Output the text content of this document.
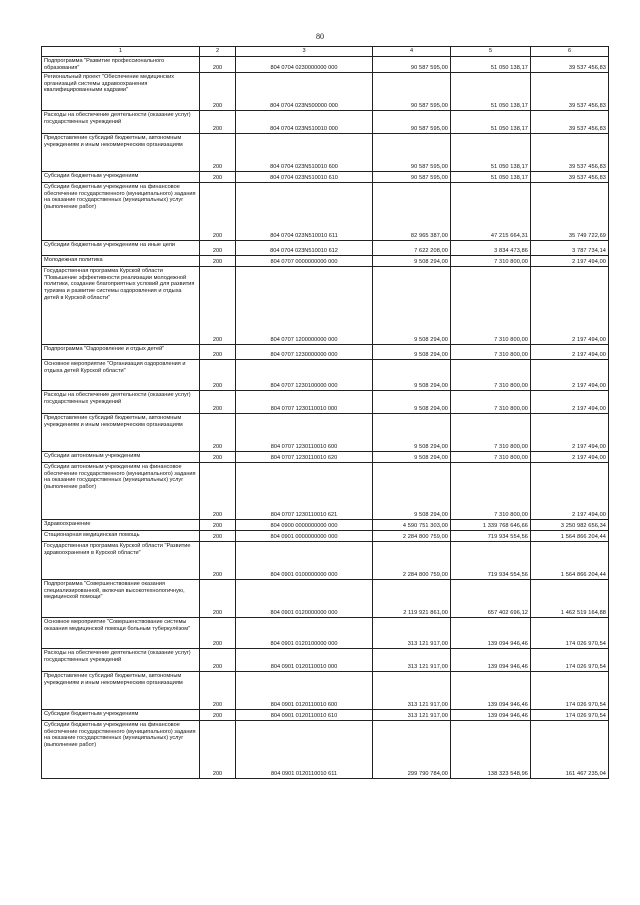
80
1	2	3	4	5	6
Подпрограмма "Развитие профессионального образования"	200	804 0704 0230000000 000	90 587 595,00	51 050 138,17	39 537 456,83
Региональный проект "Обеспечение медицинских организаций системы здравоохранения квалифицированными кадрами"	200	804 0704 023N500000 000	90 587 595,00	51 050 138,17	39 537 456,83
Расходы на обеспечение деятельности (оказание услуг) государственных учреждений	200	804 0704 023N510010 000	90 587 595,00	51 050 138,17	39 537 456,83
Предоставление субсидий бюджетным, автономным учреждениям и иным некоммерческим организациям	200	804 0704 023N510010 600	90 587 595,00	51 050 138,17	39 537 456,83
Субсидии бюджетным учреждениям	200	804 0704 023N510010 610	90 587 595,00	51 050 138,17	39 537 456,83
Субсидии бюджетным учреждениям на финансовое обеспечение государственного (муниципального) задания на оказание государственных (муниципальных) услуг (выполнение работ)	200	804 0704 023N510010 611	82 965 387,00	47 215 664,31	35 749 722,69
Субсидии бюджетным учреждениям на иные цели	200	804 0704 023N510010 612	7 622 208,00	3 834 473,86	3 787 734,14
Молодежная политика	200	804 0707 0000000000 000	9 508 294,00	7 310 800,00	2 197 494,00
Государственная программа Курской области "Повышение эффективности реализации молодежной политики, создание благоприятных условий для развития туризма и развитие системы оздоровления и отдыха детей в Курской области"	200	804 0707 1200000000 000	9 508 294,00	7 310 800,00	2 197 494,00
Подпрограмма "Оздоровление и отдых детей"	200	804 0707 1230000000 000	9 508 294,00	7 310 800,00	2 197 494,00
Основное мероприятие "Организация оздоровления и отдыха детей Курской области"	200	804 0707 1230100000 000	9 508 294,00	7 310 800,00	2 197 494,00
Расходы на обеспечение деятельности (оказание услуг) государственных учреждений	200	804 0707 1230110010 000	9 508 294,00	7 310 800,00	2 197 494,00
Предоставление субсидий бюджетным, автономным учреждениям и иным некоммерческим организациям	200	804 0707 1230110010 600	9 508 294,00	7 310 800,00	2 197 494,00
Субсидии автономным учреждениям	200	804 0707 1230110010 620	9 508 294,00	7 310 800,00	2 197 494,00
Субсидии автономным учреждениям на финансовое обеспечение государственного (муниципального) задания на оказание государственных (муниципальных) услуг (выполнение работ)	200	804 0707 1230110010 621	9 508 294,00	7 310 800,00	2 197 494,00
Здравоохранение	200	804 0900 0000000000 000	4 590 751 303,00	1 339 768 646,66	3 250 982 656,34
Стационарная медицинская помощь	200	804 0901 0000000000 000	2 284 800 759,00	719 934 554,56	1 564 866 204,44
Государственная программа Курской области "Развитие здравоохранения в Курской области"	200	804 0901 0100000000 000	2 284 800 759,00	719 934 554,56	1 564 866 204,44
Подпрограмма "Совершенствование оказания специализированной, включая высокотехнологичную, медицинской помощи"	200	804 0901 0120000000 000	2 119 921 861,00	657 402 696,12	1 462 519 164,88
Основное мероприятие "Совершенствование системы оказания медицинской помощи больным туберкулёзом"	200	804 0901 0120100000 000	313 121 917,00	139 094 946,46	174 026 970,54
Расходы на обеспечение деятельности (оказание услуг) государственных учреждений	200	804 0901 0120110010 000	313 121 917,00	139 094 946,46	174 026 970,54
Предоставление субсидий бюджетным, автономным учреждениям и иным некоммерческим организациям	200	804 0901 0120110010 600	313 121 917,00	139 094 946,46	174 026 970,54
Субсидии бюджетным учреждениям	200	804 0901 0120110010 610	313 121 917,00	139 094 946,46	174 026 970,54
Субсидии бюджетным учреждениям на финансовое обеспечение государственного (муниципального) задания на оказание государственных (муниципальных) услуг (выполнение работ)	200	804 0901 0120110010 611	299 790 784,00	138 323 548,96	161 467 235,04
